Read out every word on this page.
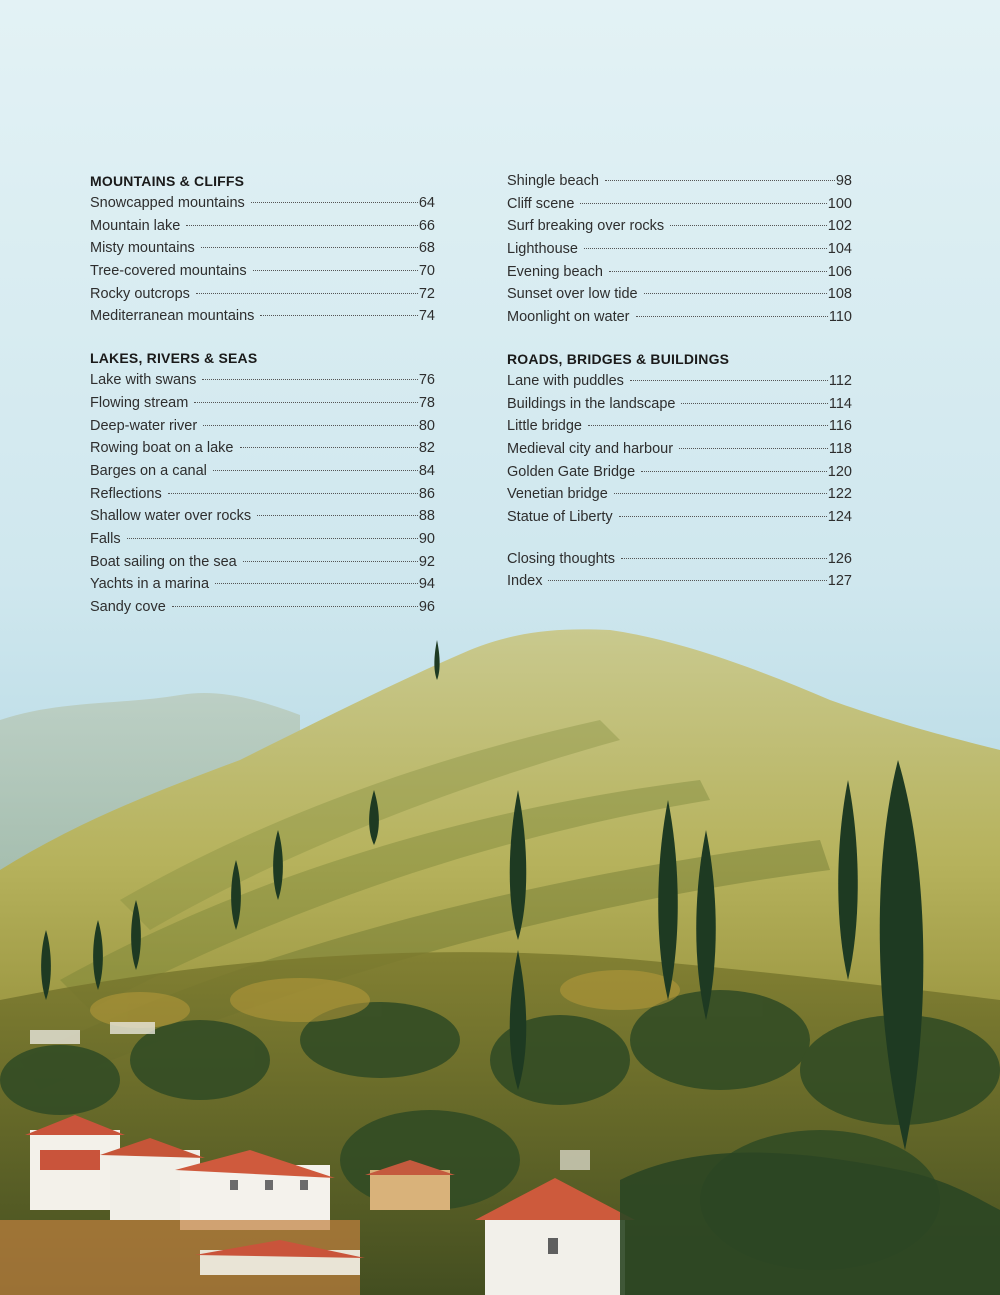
MOUNTAINS & CLIFFS
Snowcapped mountains	64
Mountain lake	66
Misty mountains	68
Tree-covered mountains	70
Rocky outcrops	72
Mediterranean mountains	74
LAKES, RIVERS & SEAS
Lake with swans	76
Flowing stream	78
Deep-water river	80
Rowing boat on a lake	82
Barges on a canal	84
Reflections	86
Shallow water over rocks	88
Falls	90
Boat sailing on the sea	92
Yachts in a marina	94
Sandy cove	96
Shingle beach	98
Cliff scene	100
Surf breaking over rocks	102
Lighthouse	104
Evening beach	106
Sunset over low tide	108
Moonlight on water	110
ROADS, BRIDGES & BUILDINGS
Lane with puddles	112
Buildings in the landscape	114
Little bridge	116
Medieval city and harbour	118
Golden Gate Bridge	120
Venetian bridge	122
Statue of Liberty	124
Closing thoughts	126
Index	127
